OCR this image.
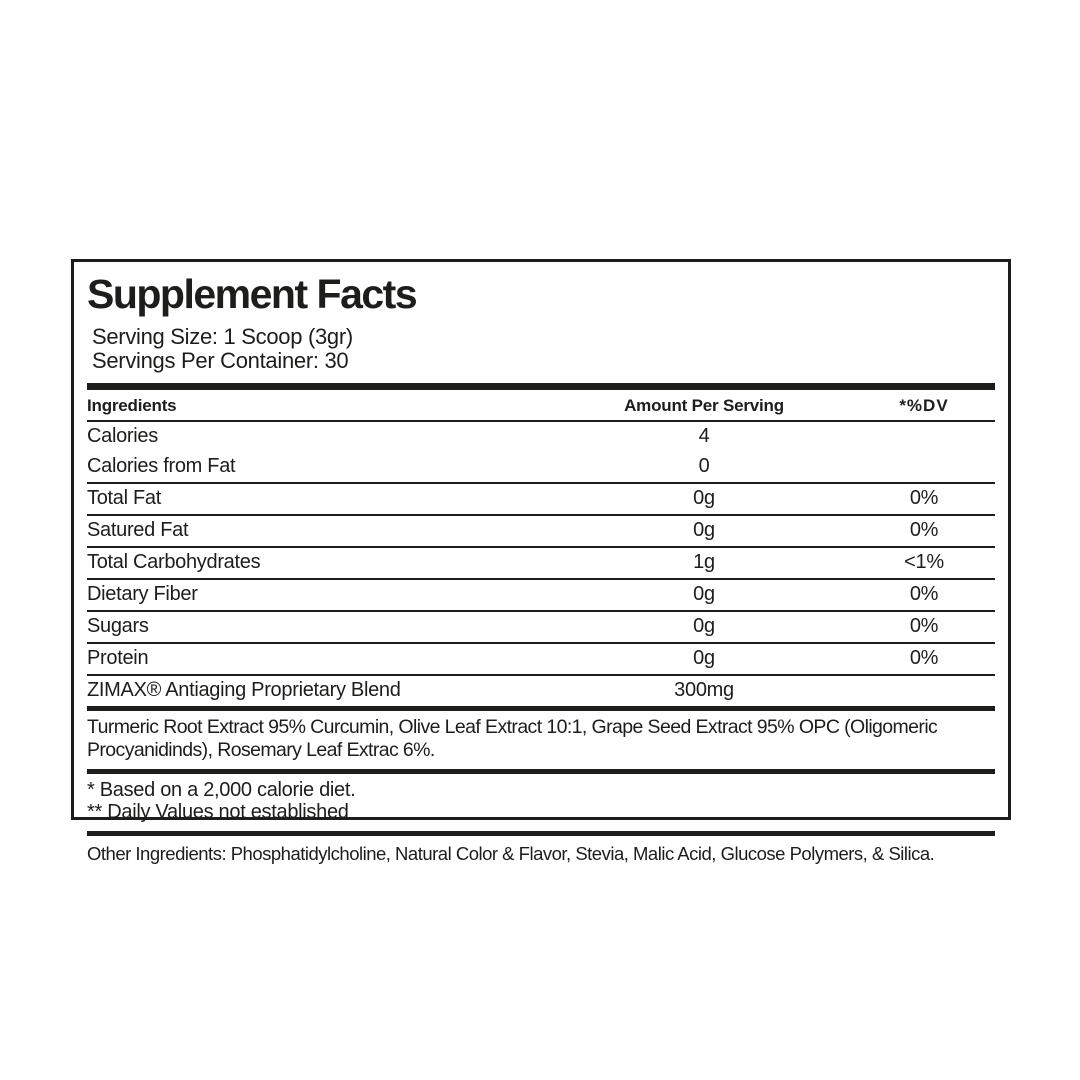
Supplement Facts
Serving Size: 1 Scoop (3gr)
Servings Per Container: 30
Ingredients	Amount Per Serving	*%DV
Calories	4
Calories from Fat	0
Total Fat	0g	0%
Satured Fat	0g	0%
Total Carbohydrates	1g	<1%
Dietary Fiber	0g	0%
Sugars	0g	0%
Protein	0g	0%
ZIMAX® Antiaging Proprietary Blend	300mg
Turmeric Root Extract 95% Curcumin, Olive Leaf Extract 10:1, Grape Seed Extract 95% OPC (Oligomeric Procyanidinds), Rosemary Leaf Extrac 6%.
* Based on a 2,000 calorie diet.
** Daily Values not established
Other Ingredients: Phosphatidylcholine, Natural Color & Flavor, Stevia, Malic Acid, Glucose Polymers, & Silica.
